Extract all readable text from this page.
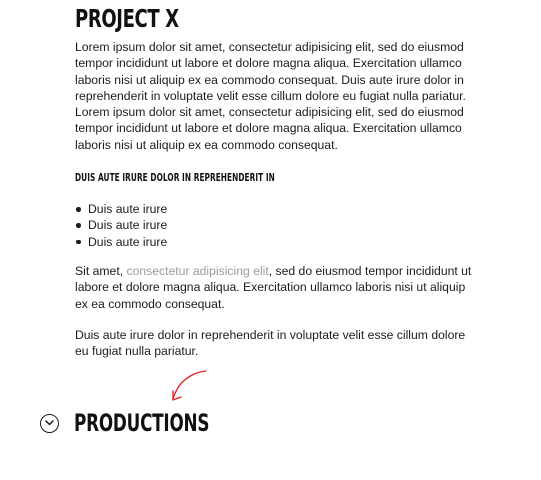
PROJECT X

Lorem ipsum dolor sit amet, consectetur adipisicing elit, sed do eiusmod tempor incididunt ut labore et dolore magna aliqua. Exercitation ullamco laboris nisi ut aliquip ex ea commodo consequat. Duis aute irure dolor in reprehenderit in voluptate velit esse cillum dolore eu fugiat nulla pariatur. Lorem ipsum dolor sit amet, consectetur adipisicing elit, sed do eiusmod tempor incididunt ut labore et dolore magna aliqua. Exercitation ullamco laboris nisi ut aliquip ex ea commodo consequat.

DUIS AUTE IRURE DOLOR IN REPREHENDERIT IN
Duis aute irure
Duis aute irure
Duis aute irure

Sit amet, consectetur adipisicing elit, sed do eiusmod tempor incididunt ut labore et dolore magna aliqua. Exercitation ullamco laboris nisi ut aliquip ex ea commodo consequat.

Duis aute irure dolor in reprehenderit in voluptate velit esse cillum dolore eu fugiat nulla pariatur.

PRODUCTIONS
